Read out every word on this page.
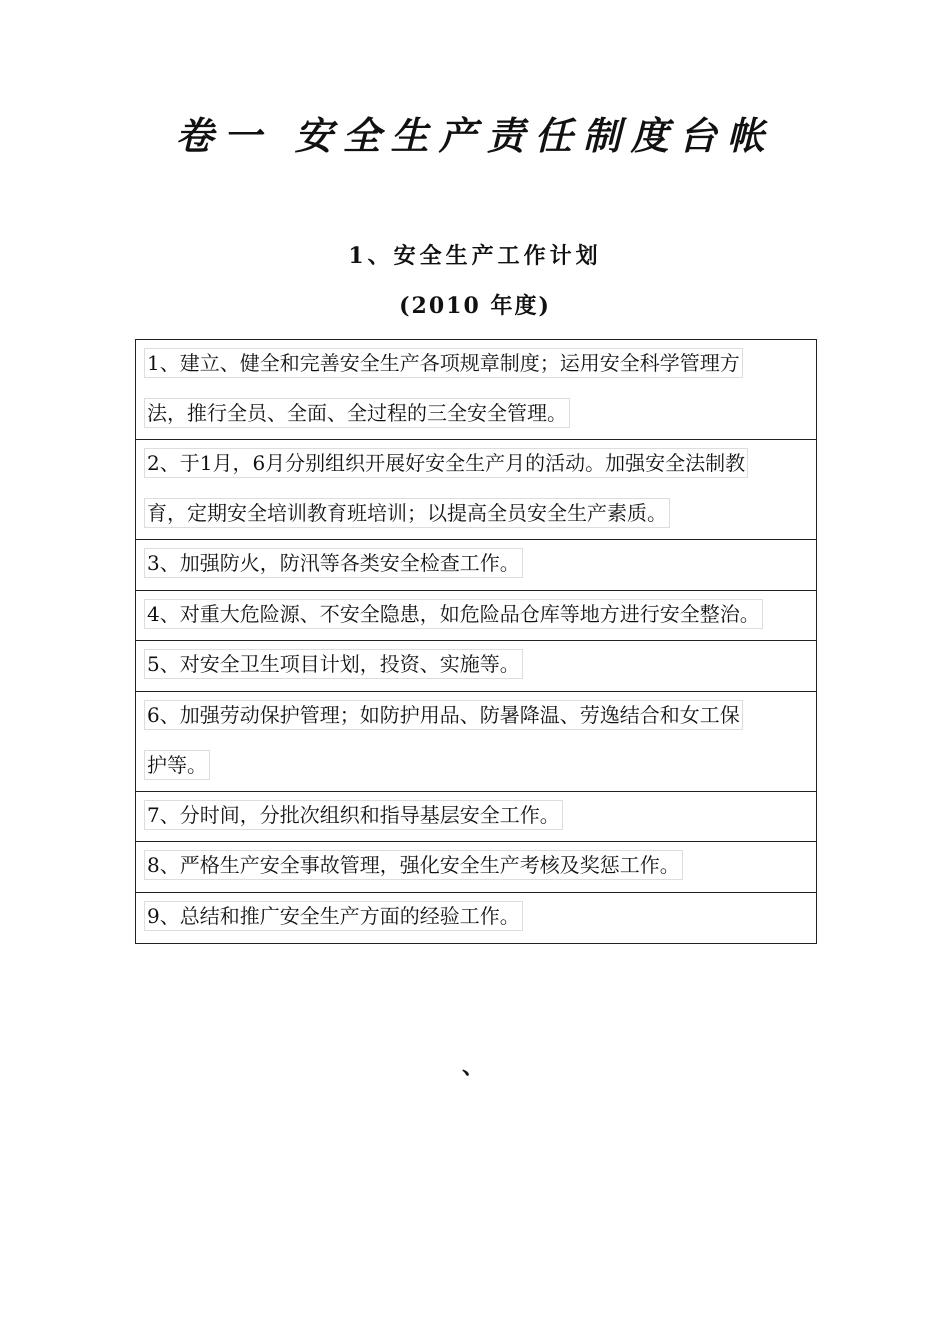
卷一 安全生产责任制度台帐
1、安全生产工作计划
(2010 年度)
1、建立、健全和完善安全生产各项规章制度；运用安全科学管理方
法，推行全员、全面、全过程的三全安全管理。
2、于1月，6月分别组织开展好安全生产月的活动。加强安全法制教
育，定期安全培训教育班培训；以提高全员安全生产素质。
3、加强防火，防汛等各类安全检查工作。
4、对重大危险源、不安全隐患，如危险品仓库等地方进行安全整治。
5、对安全卫生项目计划，投资、实施等。
6、加强劳动保护管理；如防护用品、防暑降温、劳逸结合和女工保
护等。
7、分时间，分批次组织和指导基层安全工作。
8、严格生产安全事故管理，强化安全生产考核及奖惩工作。
9、总结和推广安全生产方面的经验工作。
、
